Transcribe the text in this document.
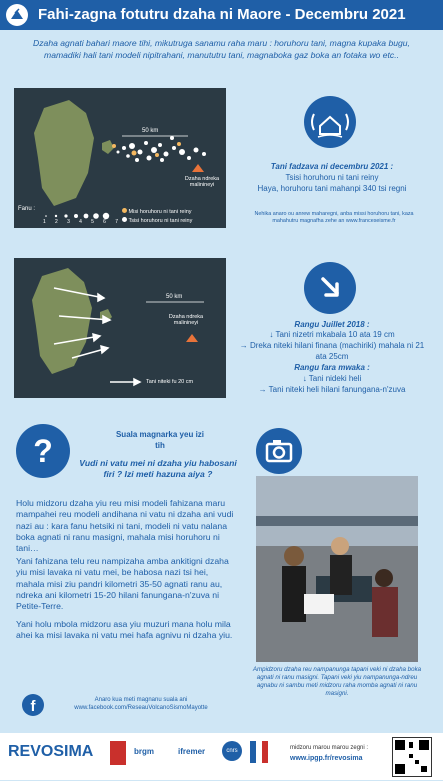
Fahi-zagna fotutru dzaha ni Maore - Decembru 2021
Dzaha agnati bahari maore tihi, mikutruga sanamu raha maru : horuhoru tani, magna kupaka bugu, mamadiki hali tani modeli nipitrahani, manututru tani, magnaboka gaz boka an fotaka wo etc..
50 km
Dzaha ndreka malinineyi
Fanu :
1 2 3 4 5 6 7
Misi horuhoru ni tani reiny
Tsisi horuhoru ni tani reiny
Tani fadzava ni decembru 2021 :
Tsisi horuhoru ni tani reiny
Haya, horuhoru tani mahanpi 340 tsi regni
Nehika anaro ou anrew maharegni, anba missi horuhoru tani, kaza mahahutru magnafha zehe an www.franceseisme.fr
50 km
Dzaha ndreka malinineyi
Tani niteki fu 20 cm
Rangu Juillet 2018 :
↓ Tani nizetri mkabala 10 ata 19 cm
→ Dreka niteki hilani finana (machiriki) mahala ni 21 ata 25cm
Rangu fara mwaka :
↓ Tani nideki heli
→ Tani niteki heli hilani fanungana-n'zuva
?	Suala magnarka yeu izi tih
Vudi ni vatu mei ni dzaha yiu habosani firi ? Izi meti hazuna aiya ?
Holu midzoru dzaha yiu reu misi modeli fahizana maru mampahei reu modeli andihana ni vatu ni dzaha ani vudi nazi au : kara fanu hetsiki ni tani, modeli ni vatu nalana boka agnati ni ranu masigni, mahala misi horuhoru ni tani…
Yani fahizana telu reu nampizaha amba ankitigni dzaha yiu misi lavaka ni vatu mei, be habosa nazi tsi hei, mahala misi ziu pandri kilometri 35-50 agnati ranu au, ndreka ani kilometri 15-20 hilani fanungana-n'zuva ni Petite-Terre.
Yani holu mbola midzoru asa yiu muzuri mana holu mila ahei ka misi lavaka ni vatu mei hafa agnivu ni dzaha yiu.
Ampidzoru dzaha reu nampanunga tapani veki ni dzaha boka agnati ni ranu masigni. Tapani veki yiu nampanunga-ndreu agnabu ni sambu meti midzoru raha momba agnati ni ranu masigni.
f	Anaro kua meti magnanu suala ani
www.facebook.com/ReseauVolcanoSismoMayotte
REVOSIMA	brgm	ifremer	cnrs	midzoru marou marou zegni :
www.ipgp.fr/revosima
